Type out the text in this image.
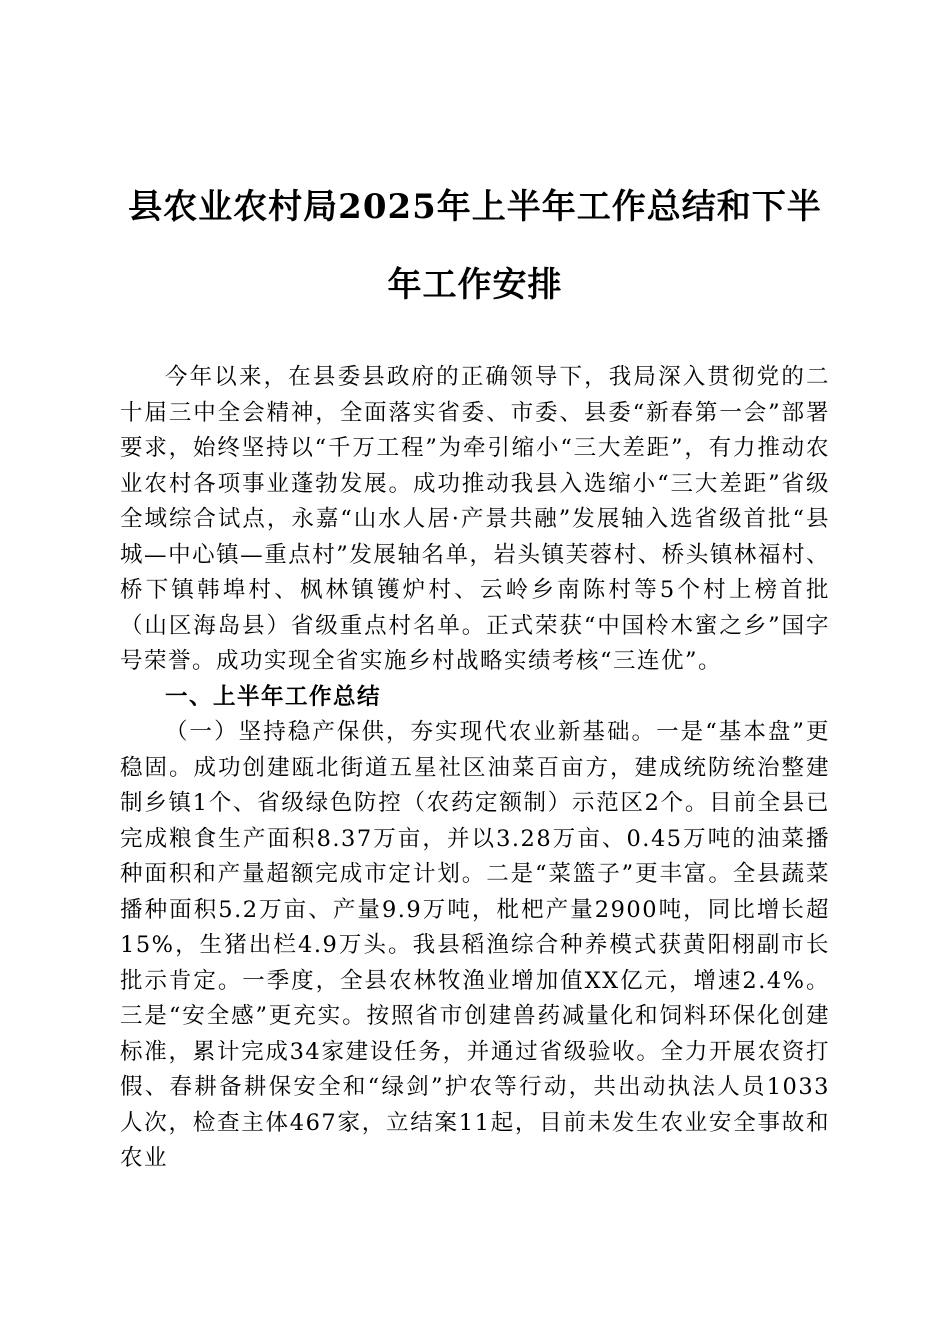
县农业农村局2025年上半年工作总结和下半年工作安排

今年以来，在县委县政府的正确领导下，我局深入贯彻党的二十届三中全会精神，全面落实省委、市委、县委“新春第一会”部署要求，始终坚持以“千万工程”为牵引缩小“三大差距”，有力推动农业农村各项事业蓬勃发展。成功推动我县入选缩小“三大差距”省级全域综合试点，永嘉“山水人居·产景共融”发展轴入选省级首批“县城—中心镇—重点村”发展轴名单，岩头镇芙蓉村、桥头镇林福村、桥下镇韩埠村、枫林镇镬炉村、云岭乡南陈村等5个村上榜首批（山区海岛县）省级重点村名单。正式荣获“中国柃木蜜之乡”国字号荣誉。成功实现全省实施乡村战略实绩考核“三连优”。

一、上半年工作总结

（一）坚持稳产保供，夯实现代农业新基础。一是“基本盘”更稳固。成功创建瓯北街道五星社区油菜百亩方，建成统防统治整建制乡镇1个、省级绿色防控（农药定额制）示范区2个。目前全县已完成粮食生产面积8.37万亩，并以3.28万亩、0.45万吨的油菜播种面积和产量超额完成市定计划。二是“菜篮子”更丰富。全县蔬菜播种面积5.2万亩、产量9.9万吨，枇杷产量2900吨，同比增长超15%，生猪出栏4.9万头。我县稻渔综合种养模式获黄阳栩副市长批示肯定。一季度，全县农林牧渔业增加值XX亿元，增速2.4%。三是“安全感”更充实。按照省市创建兽药减量化和饲料环保化创建标准，累计完成34家建设任务，并通过省级验收。全力开展农资打假、春耕备耕保安全和“绿剑”护农等行动，共出动执法人员1033人次，检查主体467家，立结案11起，目前未发生农业安全事故和农业
